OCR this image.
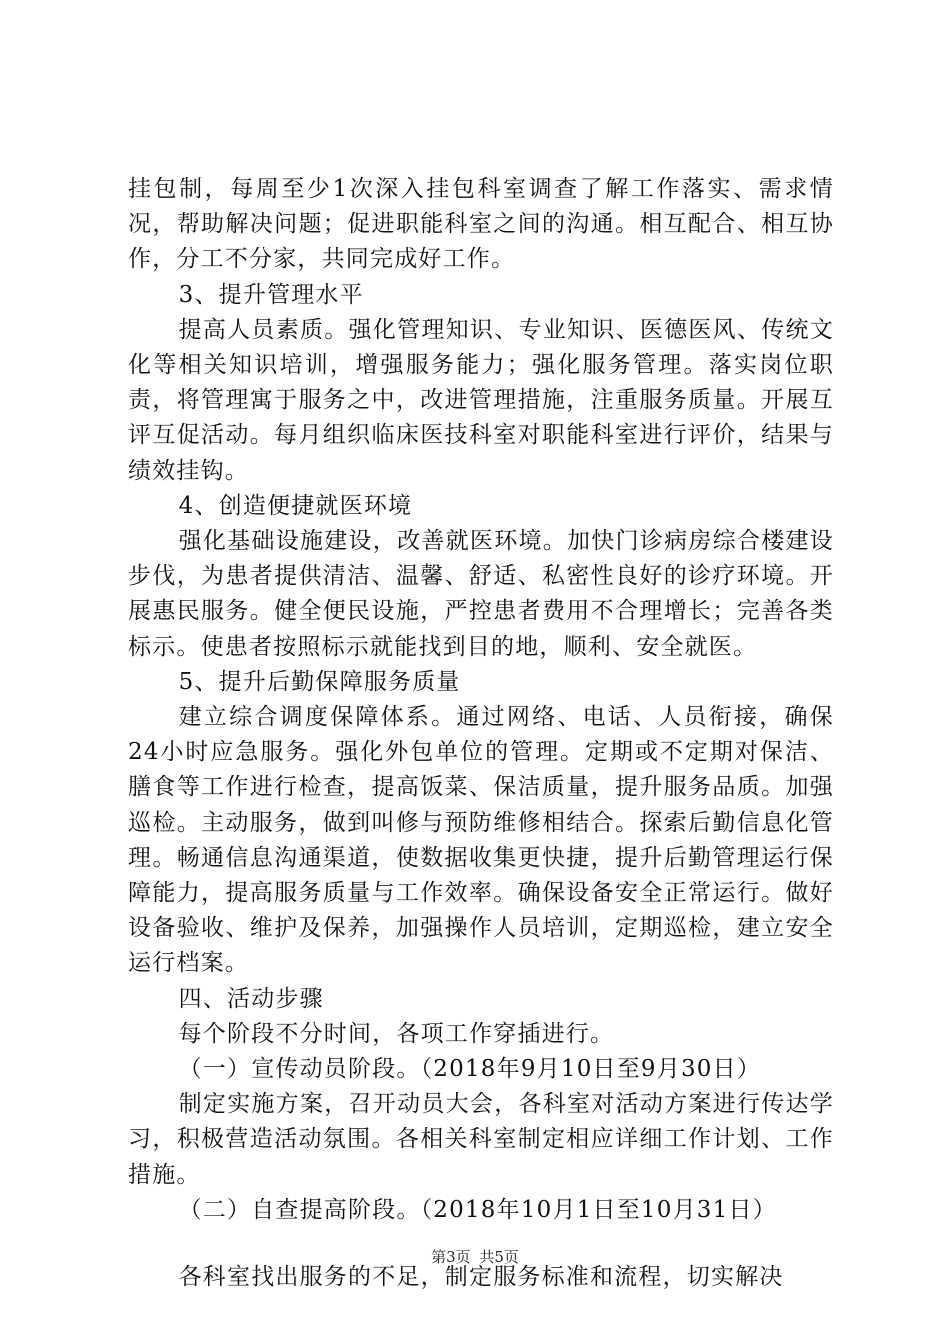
挂包制，每周至少1次深入挂包科室调查了解工作落实、需求情况，帮助解决问题；促进职能科室之间的沟通。相互配合、相互协作，分工不分家，共同完成好工作。

3、提升管理水平

提高人员素质。强化管理知识、专业知识、医德医风、传统文化等相关知识培训，增强服务能力；强化服务管理。落实岗位职责，将管理寓于服务之中，改进管理措施，注重服务质量。开展互评互促活动。每月组织临床医技科室对职能科室进行评价，结果与绩效挂钩。

4、创造便捷就医环境

强化基础设施建设，改善就医环境。加快门诊病房综合楼建设步伐，为患者提供清洁、温馨、舒适、私密性良好的诊疗环境。开展惠民服务。健全便民设施，严控患者费用不合理增长；完善各类标示。使患者按照标示就能找到目的地，顺利、安全就医。

5、提升后勤保障服务质量

建立综合调度保障体系。通过网络、电话、人员衔接，确保24小时应急服务。强化外包单位的管理。定期或不定期对保洁、膳食等工作进行检查，提高饭菜、保洁质量，提升服务品质。加强巡检。主动服务，做到叫修与预防维修相结合。探索后勤信息化管理。畅通信息沟通渠道，使数据收集更快捷，提升后勤管理运行保障能力，提高服务质量与工作效率。确保设备安全正常运行。做好设备验收、维护及保养，加强操作人员培训，定期巡检，建立安全运行档案。

四、活动步骤

每个阶段不分时间，各项工作穿插进行。

（一）宣传动员阶段。（2018年9月10日至9月30日）

制定实施方案，召开动员大会，各科室对活动方案进行传达学习，积极营造活动氛围。各相关科室制定相应详细工作计划、工作措施。

（二）自查提高阶段。（2018年10月1日至10月31日）

各科室找出服务的不足，制定服务标准和流程，切实解决

第3页 共5页
